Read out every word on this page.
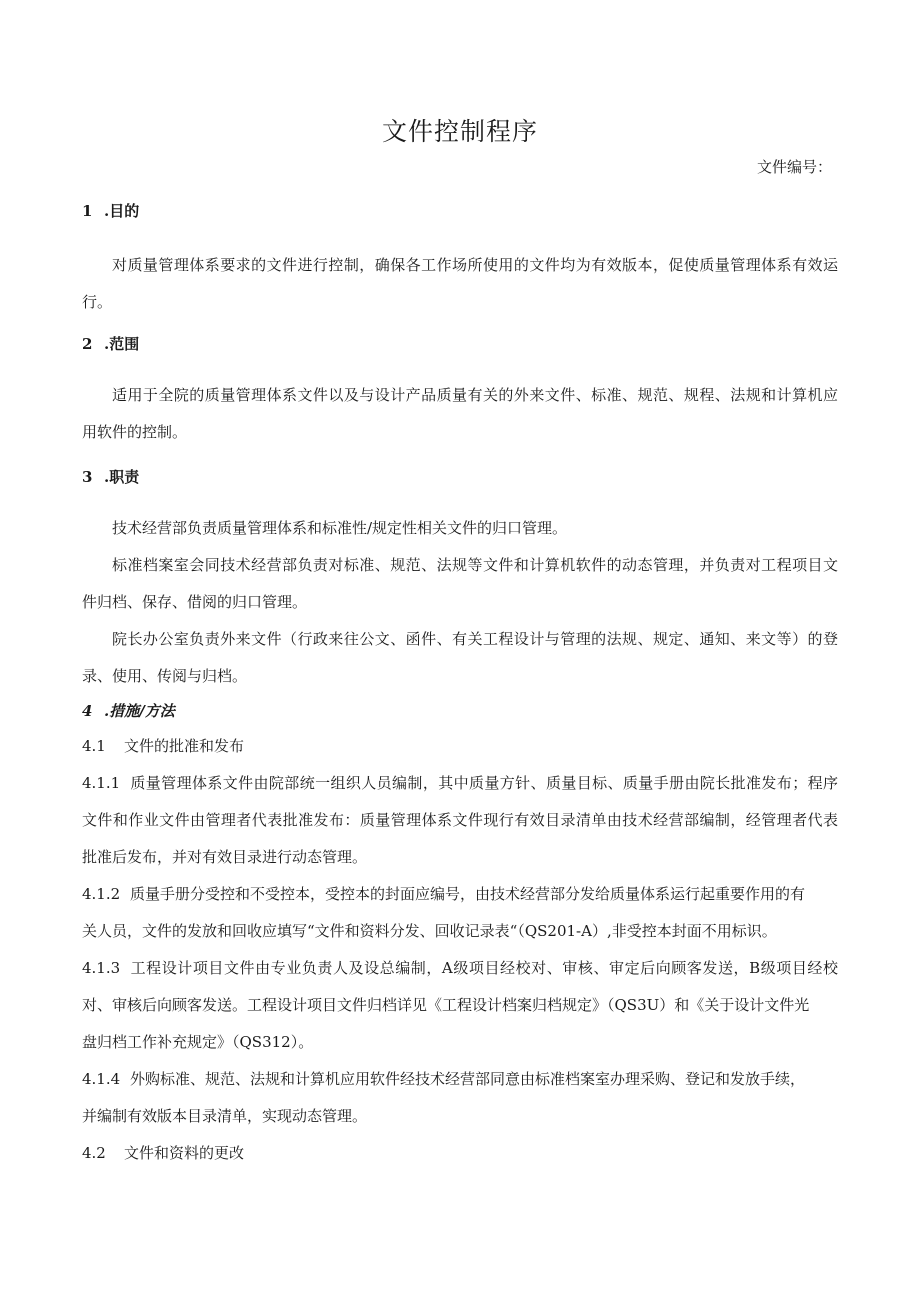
文件控制程序
文件编号：
1 .目的
对质量管理体系要求的文件进行控制，确保各工作场所使用的文件均为有效版本，促使质量管理体系有效运
行。
2 .范围
适用于全院的质量管理体系文件以及与设计产品质量有关的外来文件、标准、规范、规程、法规和计算机应
用软件的控制。
3 .职责
技术经营部负责质量管理体系和标准性/规定性相关文件的归口管理。
标准档案室会同技术经营部负责对标准、规范、法规等文件和计算机软件的动态管理，并负责对工程项目文
件归档、保存、借阅的归口管理。
院长办公室负责外来文件（行政来往公文、函件、有关工程设计与管理的法规、规定、通知、来文等）的登
录、使用、传阅与归档。
4 .措施/方法
4.1 文件的批准和发布
4.1.1 质量管理体系文件由院部统一组织人员编制，其中质量方针、质量目标、质量手册由院长批准发布；程序
文件和作业文件由管理者代表批准发布：质量管理体系文件现行有效目录清单由技术经营部编制，经管理者代表
批准后发布，并对有效目录进行动态管理。
4.1.2 质量手册分受控和不受控本，受控本的封面应编号，由技术经营部分发给质量体系运行起重要作用的有
关人员，文件的发放和回收应填写“文件和资料分发、回收记录表“（QS201-A）,非受控本封面不用标识。
4.1.3 工程设计项目文件由专业负责人及设总编制，A级项目经校对、审核、审定后向顾客发送，B级项目经校
对、审核后向顾客发送。工程设计项目文件归档详见《工程设计档案归档规定》（QS3U）和《关于设计文件光
盘归档工作补充规定》（QS312）。
4.1.4 外购标准、规范、法规和计算机应用软件经技术经营部同意由标准档案室办理采购、登记和发放手续，
并编制有效版本目录清单，实现动态管理。
4.2 文件和资料的更改
